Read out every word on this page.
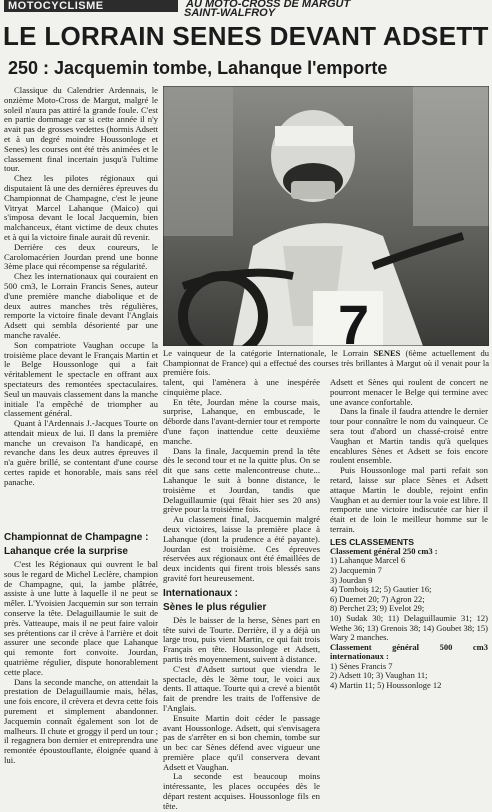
MOTOCYCLISME	AU MOTO-CROSS DE MARGUT
SAINT-WALFROY
LE LORRAIN SENES DEVANT ADSETT
250 : Jacquemin tombe, Lahanque l'emporte

Classique du Calendrier Ardennais, le onzième Moto-Cross de Margut, malgré le soleil n'aura pas attiré la grande foule. C'est en partie dommage car si cette année il n'y avait pas de grosses vedettes (hormis Adsett et à un degré moindre Houssonloge et Senes) les courses ont été très animées et le classement final incertain jusqu'à l'ultime tour.

Chez les pilotes régionaux qui disputaient là une des dernières épreuves du Championnat de Champagne, c'est le jeune Vitryat Marcel Lahanque (Maico) qui s'imposa devant le local Jacquemin, bien malchanceux, étant victime de deux chutes et à qui la victoire finale aurait dû revenir.

Derrière ces deux coureurs, le Carolomacérien Jourdan prend une bonne 3ème place qui récompense sa régularité.

Chez les internationaux qui couraient en 500 cm3, le Lorrain Francis Senes, auteur d'une première manche diabolique et de deux autres manches très régulières, remporte la victoire finale devant l'Anglais Adsett qui sembla désorienté par une manche ravalée.

Son compatriote Vaughan occupe la troisième place devant le Français Martin et le Belge Houssonloge qui a fait véritablement le spectacle en offrant aux spectateurs des remontées spectaculaires. Seul un mauvais classement dans la manche initiale l'a empêché de triompher au classement général.

Quant à l'Ardennais J.-Jacques Tourte on attendait mieux de lui. Il dans la première manche un crevaison l'a handicapé, en revanche dans les deux autres épreuves il n'a guère brillé, se contentant d'une course certes rapide et honorable, mais sans réel panache.

Championnat de Champagne :
Lahanque crée la surprise

C'est les Régionaux qui ouvrent le bal sous le regard de Michel Leclère, champion de Champagne, qui, la jambe plâtrée, assiste à une lutte à laquelle il ne peut se mêler. L'Yvoisien Jacquemin sur son terrain conserve la tête. Delaguillaumie le suit de près. Vatteaupe, mais il ne peut faire valoir ses prétentions car il crève à l'arrière et doit assurer une seconde place que Lahanque qui remonte fort convoite. Jourdan, quatrième régulier, dispute honorablement cette place.

Dans la seconde manche, on attendait la prestation de Delaguillaumie mais, hélas, une fois encore, il crèvera et devra cette fois purement et simplement abandonner. Jacquemin connaît également son lot de malheurs. Il chute et groggy il perd un tour ; il regagnera bon dernier et entreprendra une remontée époustouflante, éloignée quand à lui.

7
Le vainqueur de la catégorie Internationale, le Lorrain SENES (6ème actuellement du Championnat de France) qui a effectué des courses très brillantes à Margut où il venait pour la première fois.

talent, qui l'amènera à une inespérée cinquième place.

En tête, Jourdan mène la course mais, surprise, Lahanque, en embuscade, le déborde dans l'avant-dernier tour et remporte d'une façon inattendue cette deuxième manche.

Dans la finale, Jacquemin prend la tête dès le second tour et ne la quitte plus. On se dit que sans cette malencontreuse chute... Lahanque le suit à bonne distance, le troisième et Jourdan, tandis que Delaguillaumie (qui fêtait hier ses 20 ans) grève pour la troisième fois.

Au classement final, Jacquemin malgré deux victoires, laisse la première place à Lahanque (dont la prudence a été payante). Jourdan est troisième. Ces épreuves réservées aux régionaux ont été émaillées de deux incidents qui firent trois blessés sans gravité fort heureusement.

Internationaux :
Sènes le plus régulier

Dès le baisser de la herse, Sènes part en tête suivi de Tourte. Derrière, il y a déjà un large trou, puis vient Martin, ce qui fait trois Français en tête. Houssonloge et Adsett, partis très moyennement, suivent à distance.

C'est d'Adsett surtout que viendra le spectacle, dès le 3ème tour, le voici aux dents. Il attaque. Tourte qui a crevé a bientôt fait de prendre les traits de l'offensive de l'Anglais.

Ensuite Martin doit céder le passage avant Houssonloge. Adsett, qui s'envisagera pas de s'arrêter en si bon chemin, tombe sur un bec car Sènes défend avec vigueur une première place qu'il conservera devant Adsett et Vaughan.

La seconde est beaucoup moins intéressante, les places occupées dès le départ restent acquises. Houssonloge fils en tête.

Adsett et Sènes qui roulent de concert ne pourront menacer le Belge qui termine avec une avance confortable.

Dans la finale il faudra attendre le dernier tour pour connaître le nom du vainqueur. Ce sera tout d'abord un chassé-croisé entre Vaughan et Martin tandis qu'à quelques encablures Sènes et Adsett se fois encore roulent ensemble.

Puis Houssonloge mal parti refait son retard, laisse sur place Sènes et Adsett attaque Martin le double, rejoint enfin Vaughan et au dernier tour la voie est libre. Il remporte une victoire indiscutée car hier il était et de loin le meilleur homme sur le terrain.

LES CLASSEMENTS
Classement général 250 cm3 :
1) Lahanque Marcel 6
2) Jacquemin 7
3) Jourdan 9
4) Tomboiș 12; 5) Gautier 16;
6) Duemet 20; 7) Agron 22;
8) Perchet 23; 9) Evelot 29;
10) Sudak 30; 11) Delaguillaumie 31; 12) Wethe 36; 13) Grenois 38; 14) Goubet 38; 15) Wary 2 manches.
Classement général 500 cm3 internationaux :
1) Sènes Francis 7
2) Adsett 10; 3) Vaughan 11;
4) Martin 11; 5) Houssonloge 12
